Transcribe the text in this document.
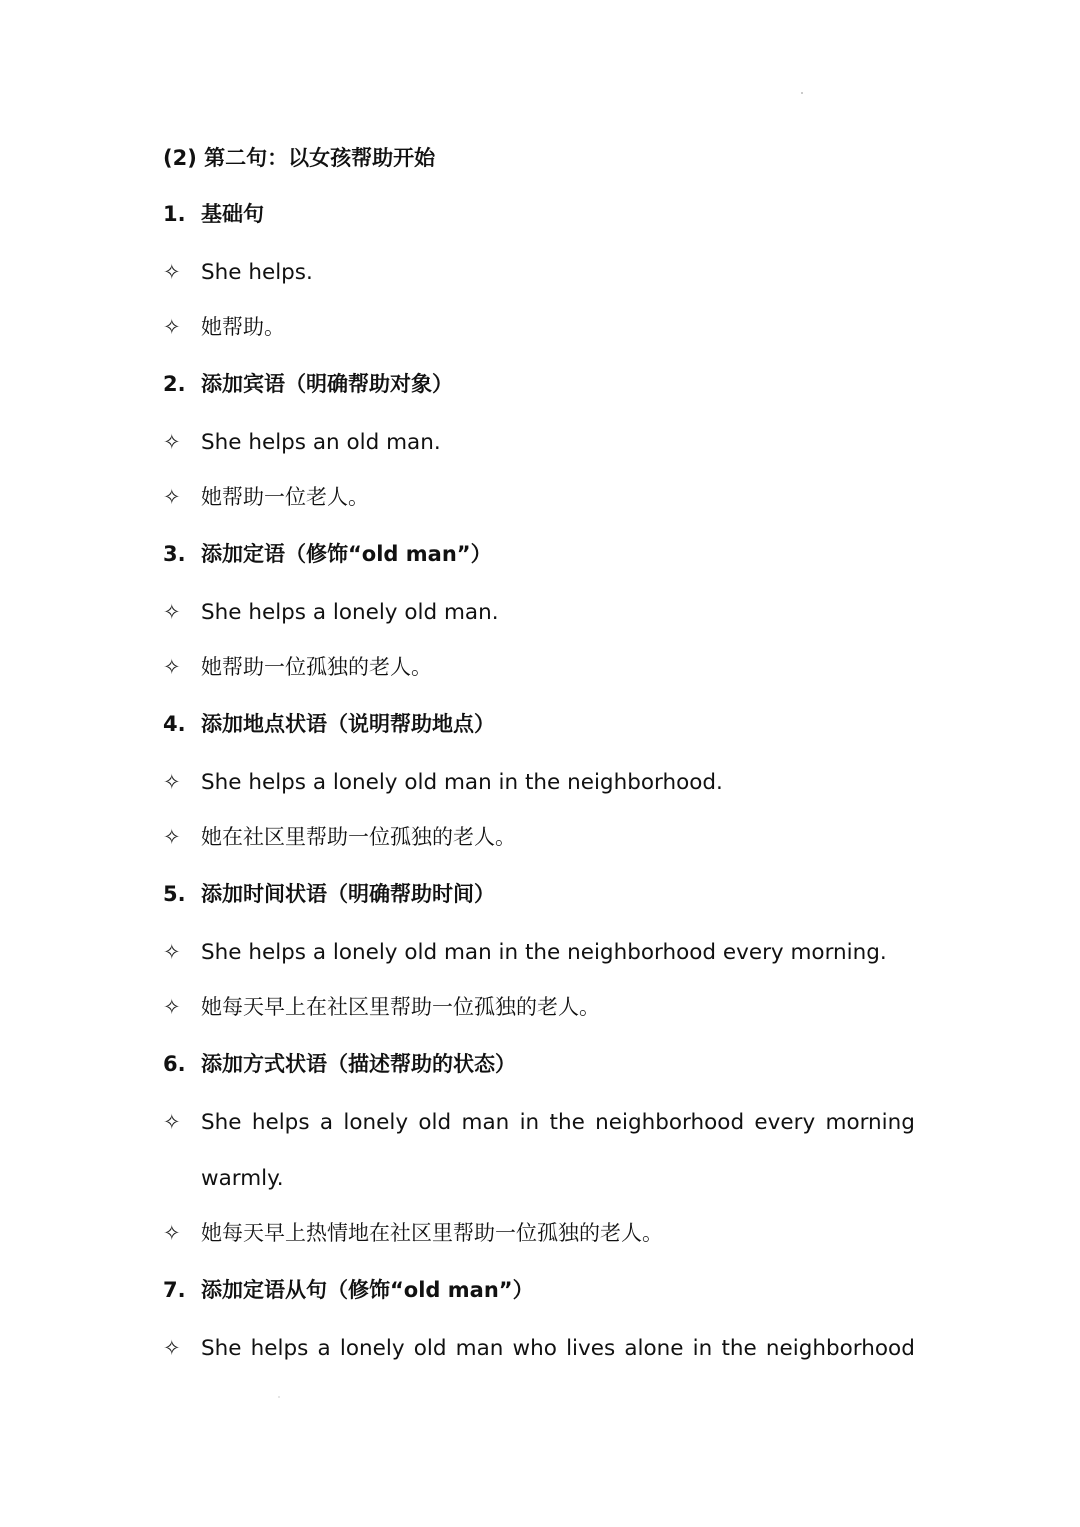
(2) 第二句：以女孩帮助开始
1. 基础句
✧ She helps.
✧ 她帮助。
2. 添加宾语（明确帮助对象）
✧ She helps an old man.
✧ 她帮助一位老人。
3. 添加定语（修饰“old man”）
✧ She helps a lonely old man.
✧ 她帮助一位孤独的老人。
4. 添加地点状语（说明帮助地点）
✧ She helps a lonely old man in the neighborhood.
✧ 她在社区里帮助一位孤独的老人。
5. 添加时间状语（明确帮助时间）
✧ She helps a lonely old man in the neighborhood every morning.
✧ 她每天早上在社区里帮助一位孤独的老人。
6. 添加方式状语（描述帮助的状态）
✧ She helps a lonely old man in the neighborhood every morning
warmly.
✧ 她每天早上热情地在社区里帮助一位孤独的老人。
7. 添加定语从句（修饰“old man”）
✧ She helps a lonely old man who lives alone in the neighborhood
